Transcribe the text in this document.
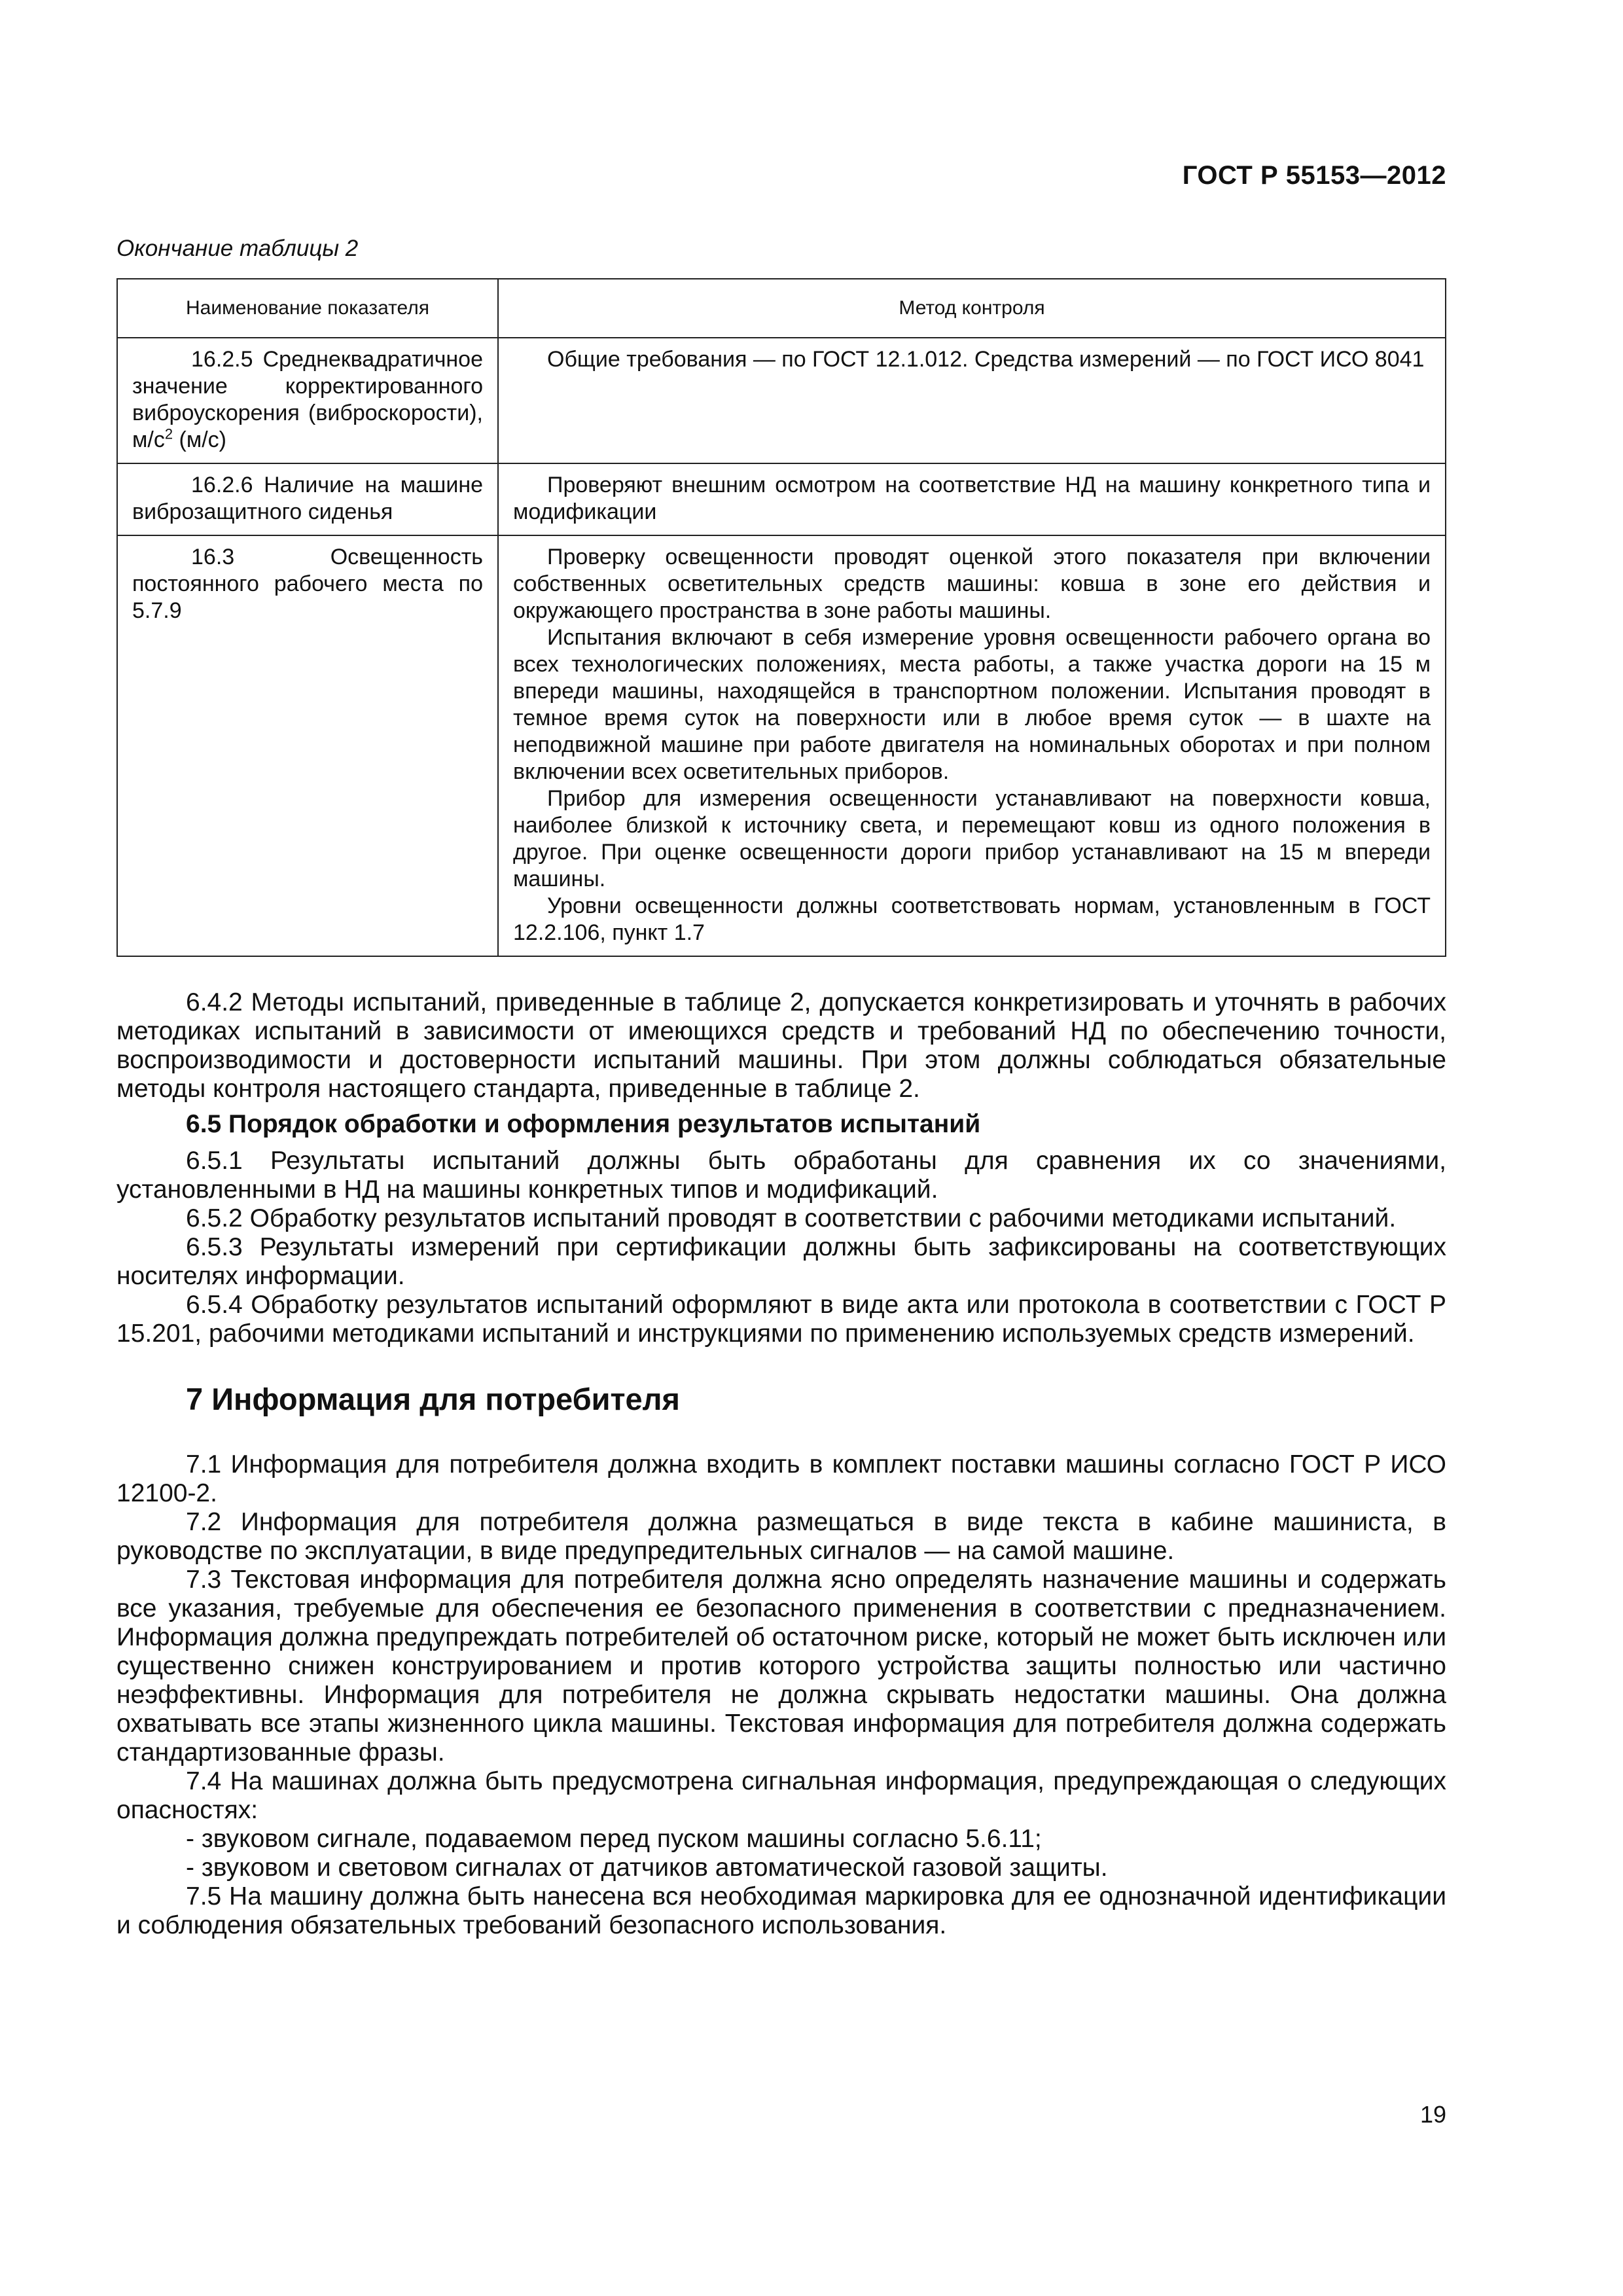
ГОСТ Р 55153—2012
Окончание таблицы 2
Наименование показателя	Метод контроля
16.2.5 Среднеквадратичное значение корректированного виброускорения (виброскорости), $м/с^2$ (м/с)	Общие требования — по ГОСТ 12.1.012. Средства измерений — по ГОСТ ИСО 8041

16.2.6 Наличие на машине виброзащитного сиденья	Проверяют внешним осмотром на соответствие НД на машину конкретного типа и модификации

16.3 Освещенность постоянного рабочего места по 5.7.9	Проверку освещенности проводят оценкой этого показателя при включении собственных осветительных средств машины: ковша в зоне его действия и окружающего пространства в зоне работы машины.

Испытания включают в себя измерение уровня освещенности рабочего органа во всех технологических положениях, места работы, а также участка дороги на 15 м впереди машины, находящейся в транспортном положении. Испытания проводят в темное время суток на поверхности или в любое время суток — в шахте на неподвижной машине при работе двигателя на номинальных оборотах и при полном включении всех осветительных приборов.

Прибор для измерения освещенности устанавливают на поверхности ковша, наиболее близкой к источнику света, и перемещают ковш из одного положения в другое. При оценке освещенности дороги прибор устанавливают на 15 м впереди машины.

Уровни освещенности должны соответствовать нормам, установленным в ГОСТ 12.2.106, пункт 1.7

6.4.2 Методы испытаний, приведенные в таблице 2, допускается конкретизировать и уточнять в рабочих методиках испытаний в зависимости от имеющихся средств и требований НД по обеспечению точности, воспроизводимости и достоверности испытаний машины. При этом должны соблюдаться обязательные методы контроля настоящего стандарта, приведенные в таблице 2.

6.5 Порядок обработки и оформления результатов испытаний

6.5.1 Результаты испытаний должны быть обработаны для сравнения их со значениями, установленными в НД на машины конкретных типов и модификаций.

6.5.2 Обработку результатов испытаний проводят в соответствии с рабочими методиками испытаний.

6.5.3 Результаты измерений при сертификации должны быть зафиксированы на соответствующих носителях информации.

6.5.4 Обработку результатов испытаний оформляют в виде акта или протокола в соответствии с ГОСТ Р 15.201, рабочими методиками испытаний и инструкциями по применению используемых средств измерений.

7 Информация для потребителя

7.1 Информация для потребителя должна входить в комплект поставки машины согласно ГОСТ Р ИСО 12100-2.

7.2 Информация для потребителя должна размещаться в виде текста в кабине машиниста, в руководстве по эксплуатации, в виде предупредительных сигналов — на самой машине.

7.3 Текстовая информация для потребителя должна ясно определять назначение машины и содержать все указания, требуемые для обеспечения ее безопасного применения в соответствии с предназначением. Информация должна предупреждать потребителей об остаточном риске, который не может быть исключен или существенно снижен конструированием и против которого устройства защиты полностью или частично неэффективны. Информация для потребителя не должна скрывать недостатки машины. Она должна охватывать все этапы жизненного цикла машины. Текстовая информация для потребителя должна содержать стандартизованные фразы.

7.4 На машинах должна быть предусмотрена сигнальная информация, предупреждающая о следующих опасностях:

- звуковом сигнале, подаваемом перед пуском машины согласно 5.6.11;

- звуковом и световом сигналах от датчиков автоматической газовой защиты.

7.5 На машину должна быть нанесена вся необходимая маркировка для ее однозначной идентификации и соблюдения обязательных требований безопасного использования.

19
